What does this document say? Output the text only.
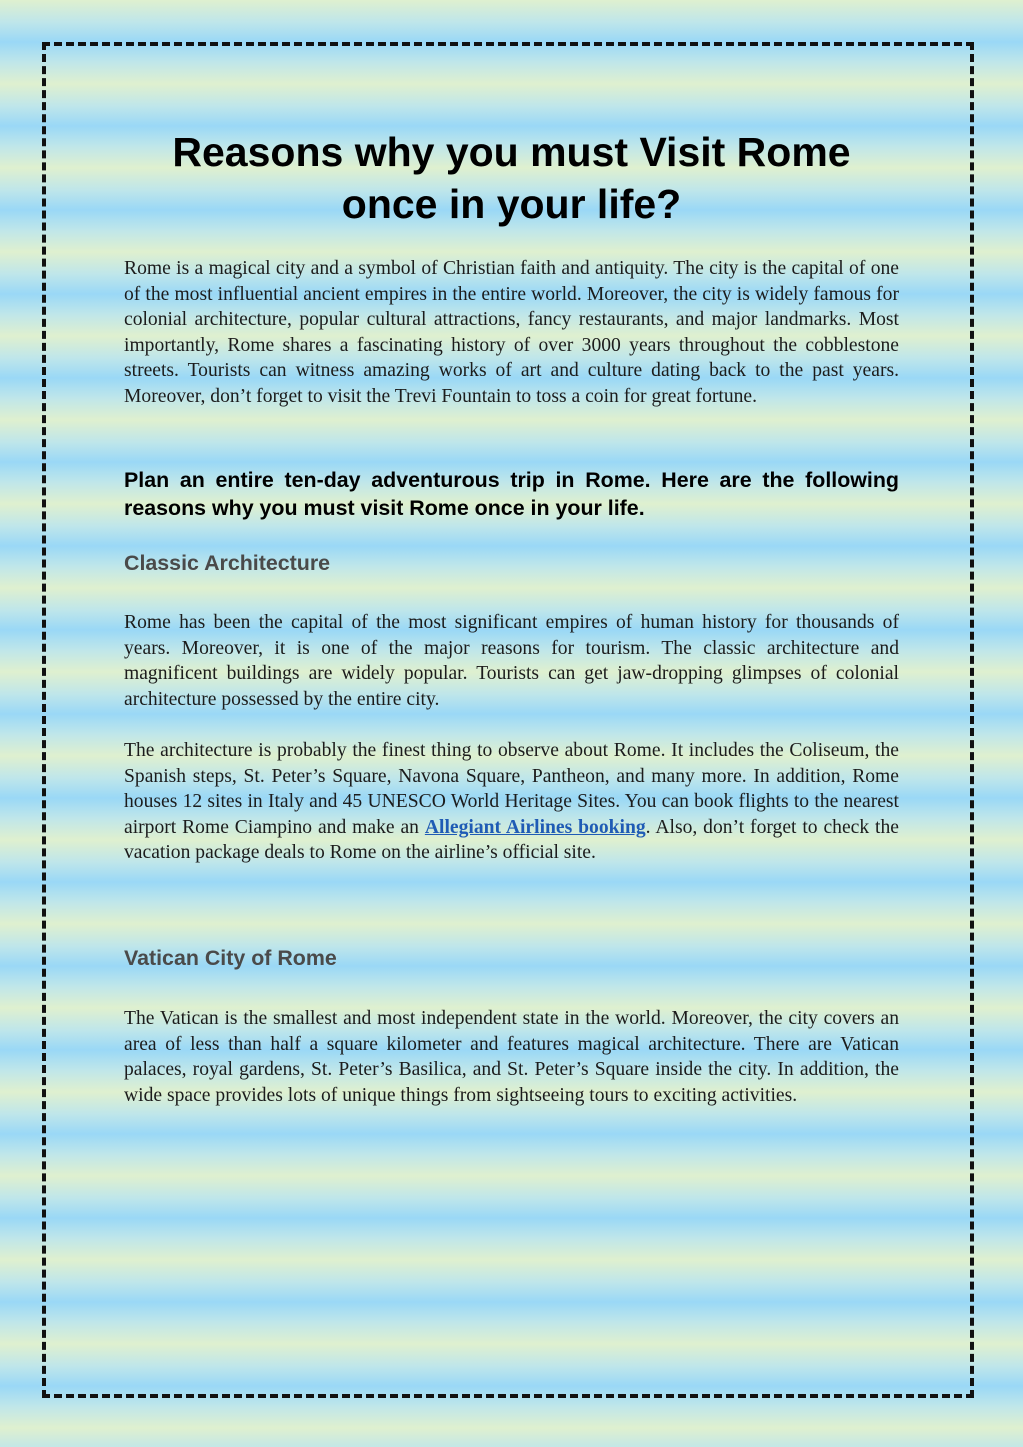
Reasons why you must Visit Rome once in your life?

Rome is a magical city and a symbol of Christian faith and antiquity. The city is the capital of one of the most influential ancient empires in the entire world. Moreover, the city is widely famous for colonial architecture, popular cultural attractions, fancy restaurants, and major landmarks. Most importantly, Rome shares a fascinating history of over 3000 years throughout the cobblestone streets. Tourists can witness amazing works of art and culture dating back to the past years. Moreover, don’t forget to visit the Trevi Fountain to toss a coin for great fortune.

Plan an entire ten-day adventurous trip in Rome. Here are the following reasons why you must visit Rome once in your life.

Classic Architecture

Rome has been the capital of the most significant empires of human history for thousands of years. Moreover, it is one of the major reasons for tourism. The classic architecture and magnificent buildings are widely popular. Tourists can get jaw-dropping glimpses of colonial architecture possessed by the entire city.

The architecture is probably the finest thing to observe about Rome. It includes the Coliseum, the Spanish steps, St. Peter’s Square, Navona Square, Pantheon, and many more. In addition, Rome houses 12 sites in Italy and 45 UNESCO World Heritage Sites. You can book flights to the nearest airport Rome Ciampino and make an Allegiant Airlines booking. Also, don’t forget to check the vacation package deals to Rome on the airline’s official site.

Vatican City of Rome

The Vatican is the smallest and most independent state in the world. Moreover, the city covers an area of less than half a square kilometer and features magical architecture. There are Vatican palaces, royal gardens, St. Peter’s Basilica, and St. Peter’s Square inside the city. In addition, the wide space provides lots of unique things from sightseeing tours to exciting activities.
